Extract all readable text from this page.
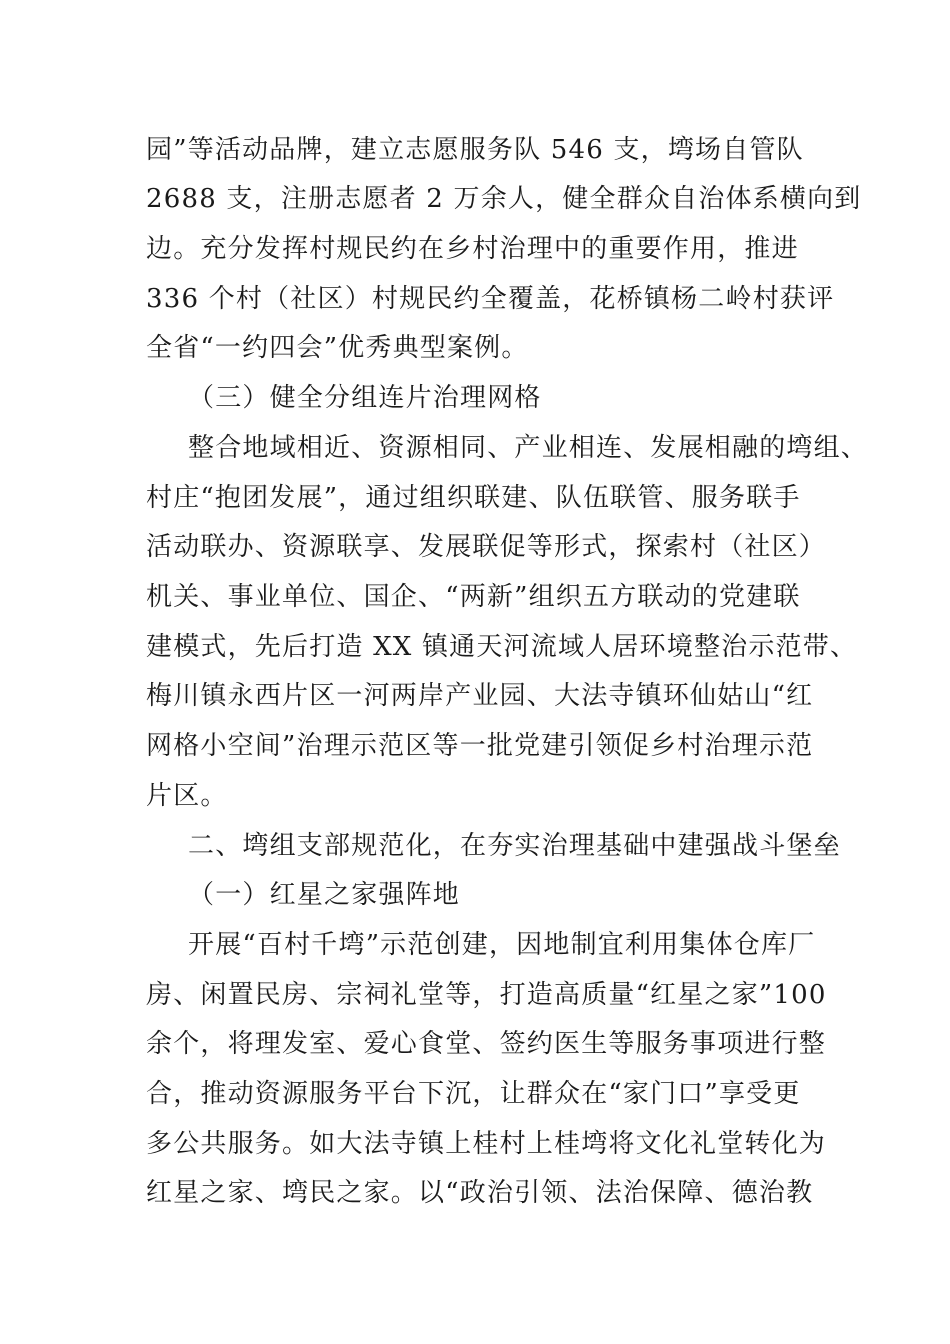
园”等活动品牌，建立志愿服务队 546 支，塆场自管队
2688 支，注册志愿者 2 万余人，健全群众自治体系横向到
边。充分发挥村规民约在乡村治理中的重要作用，推进
336 个村（社区）村规民约全覆盖，花桥镇杨二岭村获评
全省“一约四会”优秀典型案例。
（三）健全分组连片治理网格
整合地域相近、资源相同、产业相连、发展相融的塆组、
村庄“抱团发展”，通过组织联建、队伍联管、服务联手
活动联办、资源联享、发展联促等形式，探索村（社区）
机关、事业单位、国企、“两新”组织五方联动的党建联
建模式，先后打造 XX 镇通天河流域人居环境整治示范带、
梅川镇永西片区一河两岸产业园、大法寺镇环仙姑山“红
网格小空间”治理示范区等一批党建引领促乡村治理示范
片区。
二、塆组支部规范化，在夯实治理基础中建强战斗堡垒
（一）红星之家强阵地
开展“百村千塆”示范创建，因地制宜利用集体仓库厂
房、闲置民房、宗祠礼堂等，打造高质量“红星之家”100
余个，将理发室、爱心食堂、签约医生等服务事项进行整
合，推动资源服务平台下沉，让群众在“家门口”享受更
多公共服务。如大法寺镇上桂村上桂塆将文化礼堂转化为
红星之家、塆民之家。以“政治引领、法治保障、德治教
